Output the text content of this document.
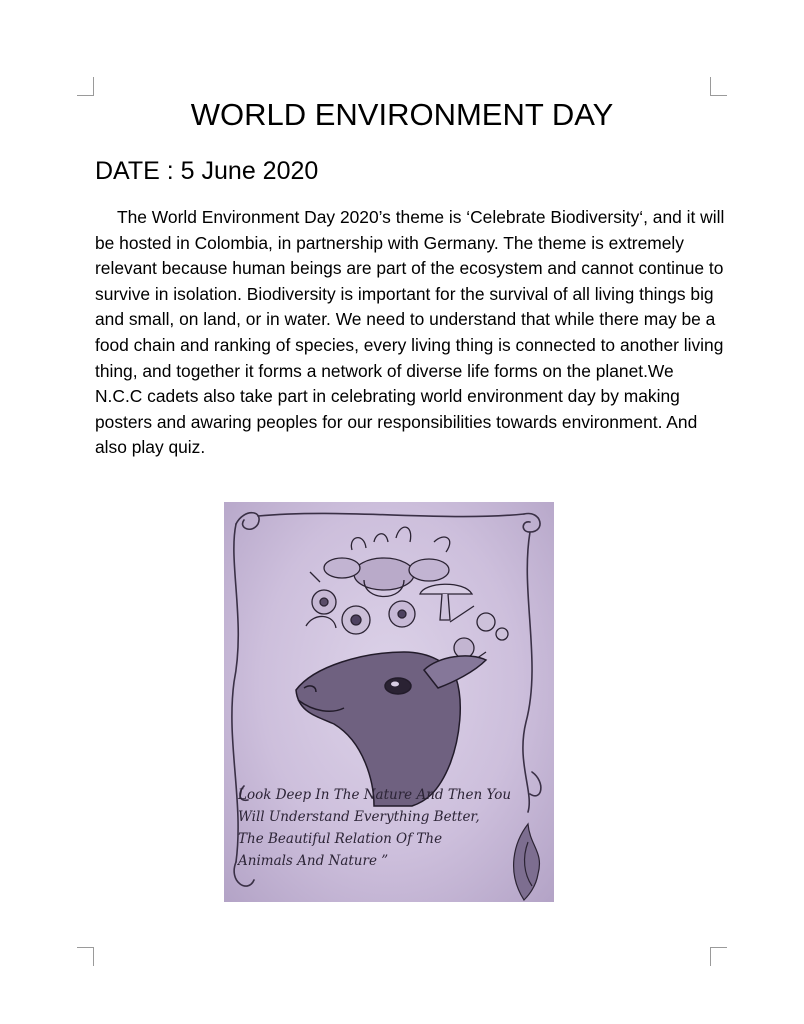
WORLD ENVIRONMENT DAY
DATE : 5 June 2020
The World Environment Day 2020’s theme is ‘Celebrate Biodiversity‘, and it will be hosted in Colombia, in partnership with Germany. The theme is extremely relevant because human beings are part of the ecosystem and cannot continue to survive in isolation. Biodiversity is important for the survival of all living things big and small, on land, or in water. We need to understand that while there may be a food chain and ranking of species, every living thing is connected to another living thing, and together it forms a network of diverse life forms on the planet.We N.C.C cadets also take part in celebrating world environment day by making posters and awaring peoples for our responsibilities towards environment. And also play quiz.
Look Deep In The Nature And Then You
Will Understand Everything Better,
The Beautiful Relation Of The
Animals And Nature ”
